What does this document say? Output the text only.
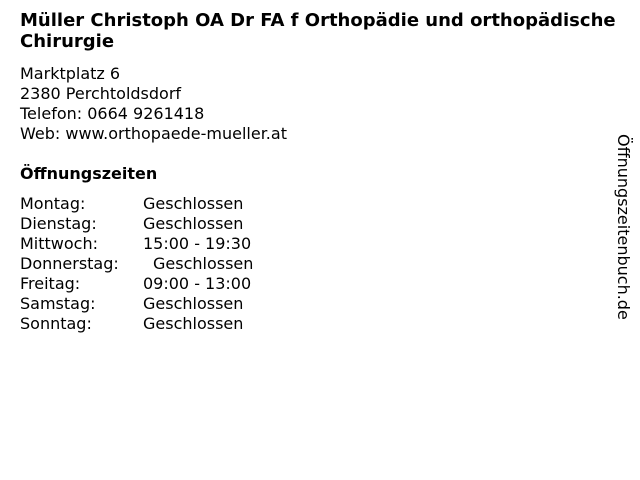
Müller Christoph OA Dr FA f Orthopädie und orthopädische Chirurgie
Marktplatz 6
2380 Perchtoldsdorf
Telefon: 0664 9261418
Web: www.orthopaede-mueller.at
Öffnungszeiten
Montag:	Geschlossen
Dienstag:	Geschlossen
Mittwoch:	15:00 - 19:30
Donnerstag: Geschlossen
Freitag:	09:00 - 13:00
Samstag:	Geschlossen
Sonntag:	Geschlossen
Öffnungszeitenbuch.de
